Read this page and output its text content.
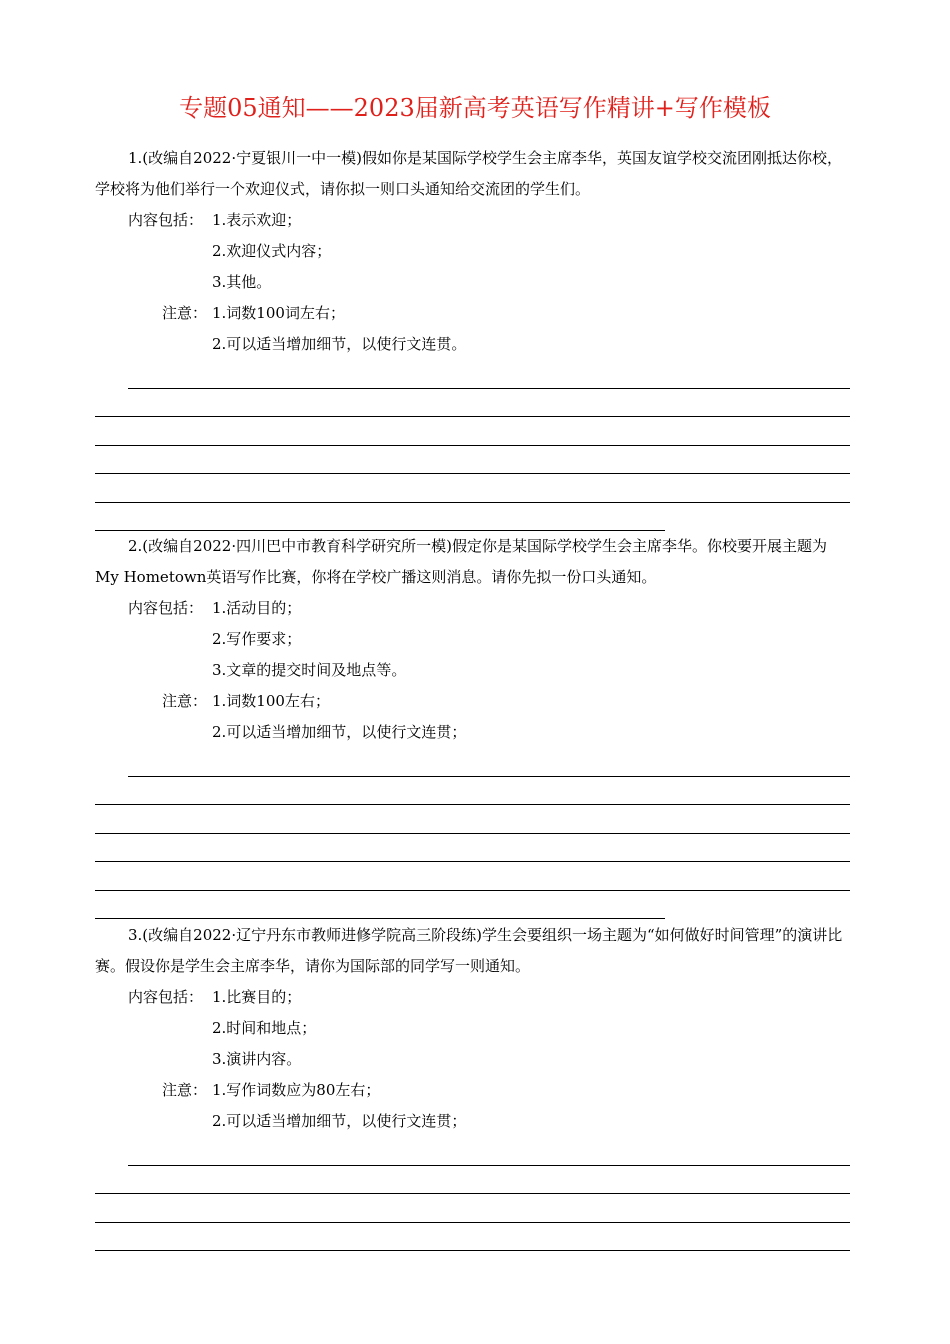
专题05通知——2023届新高考英语写作精讲+写作模板

1.(改编自2022·宁夏银川一中一模)假如你是某国际学校学生会主席李华，英国友谊学校交流团刚抵达你校，学校将为他们举行一个欢迎仪式，请你拟一则口头通知给交流团的学生们。

内容包括： 1.表示欢迎；
2.欢迎仪式内容；
3.其他。
注意： 1.词数100词左右；
2.可以适当增加细节，以使行文连贯。

2.(改编自2022·四川巴中市教育科学研究所一模)假定你是某国际学校学生会主席李华。你校要开展主题为My Hometown英语写作比赛，你将在学校广播这则消息。请你先拟一份口头通知。

内容包括： 1.活动目的；
2.写作要求；
3.文章的提交时间及地点等。
注意： 1.词数100左右；
2.可以适当增加细节，以使行文连贯；

3.(改编自2022·辽宁丹东市教师进修学院高三阶段练)学生会要组织一场主题为“如何做好时间管理”的演讲比赛。假设你是学生会主席李华，请你为国际部的同学写一则通知。

内容包括： 1.比赛目的；
2.时间和地点；
3.演讲内容。
注意： 1.写作词数应为80左右；
2.可以适当增加细节，以使行文连贯；
